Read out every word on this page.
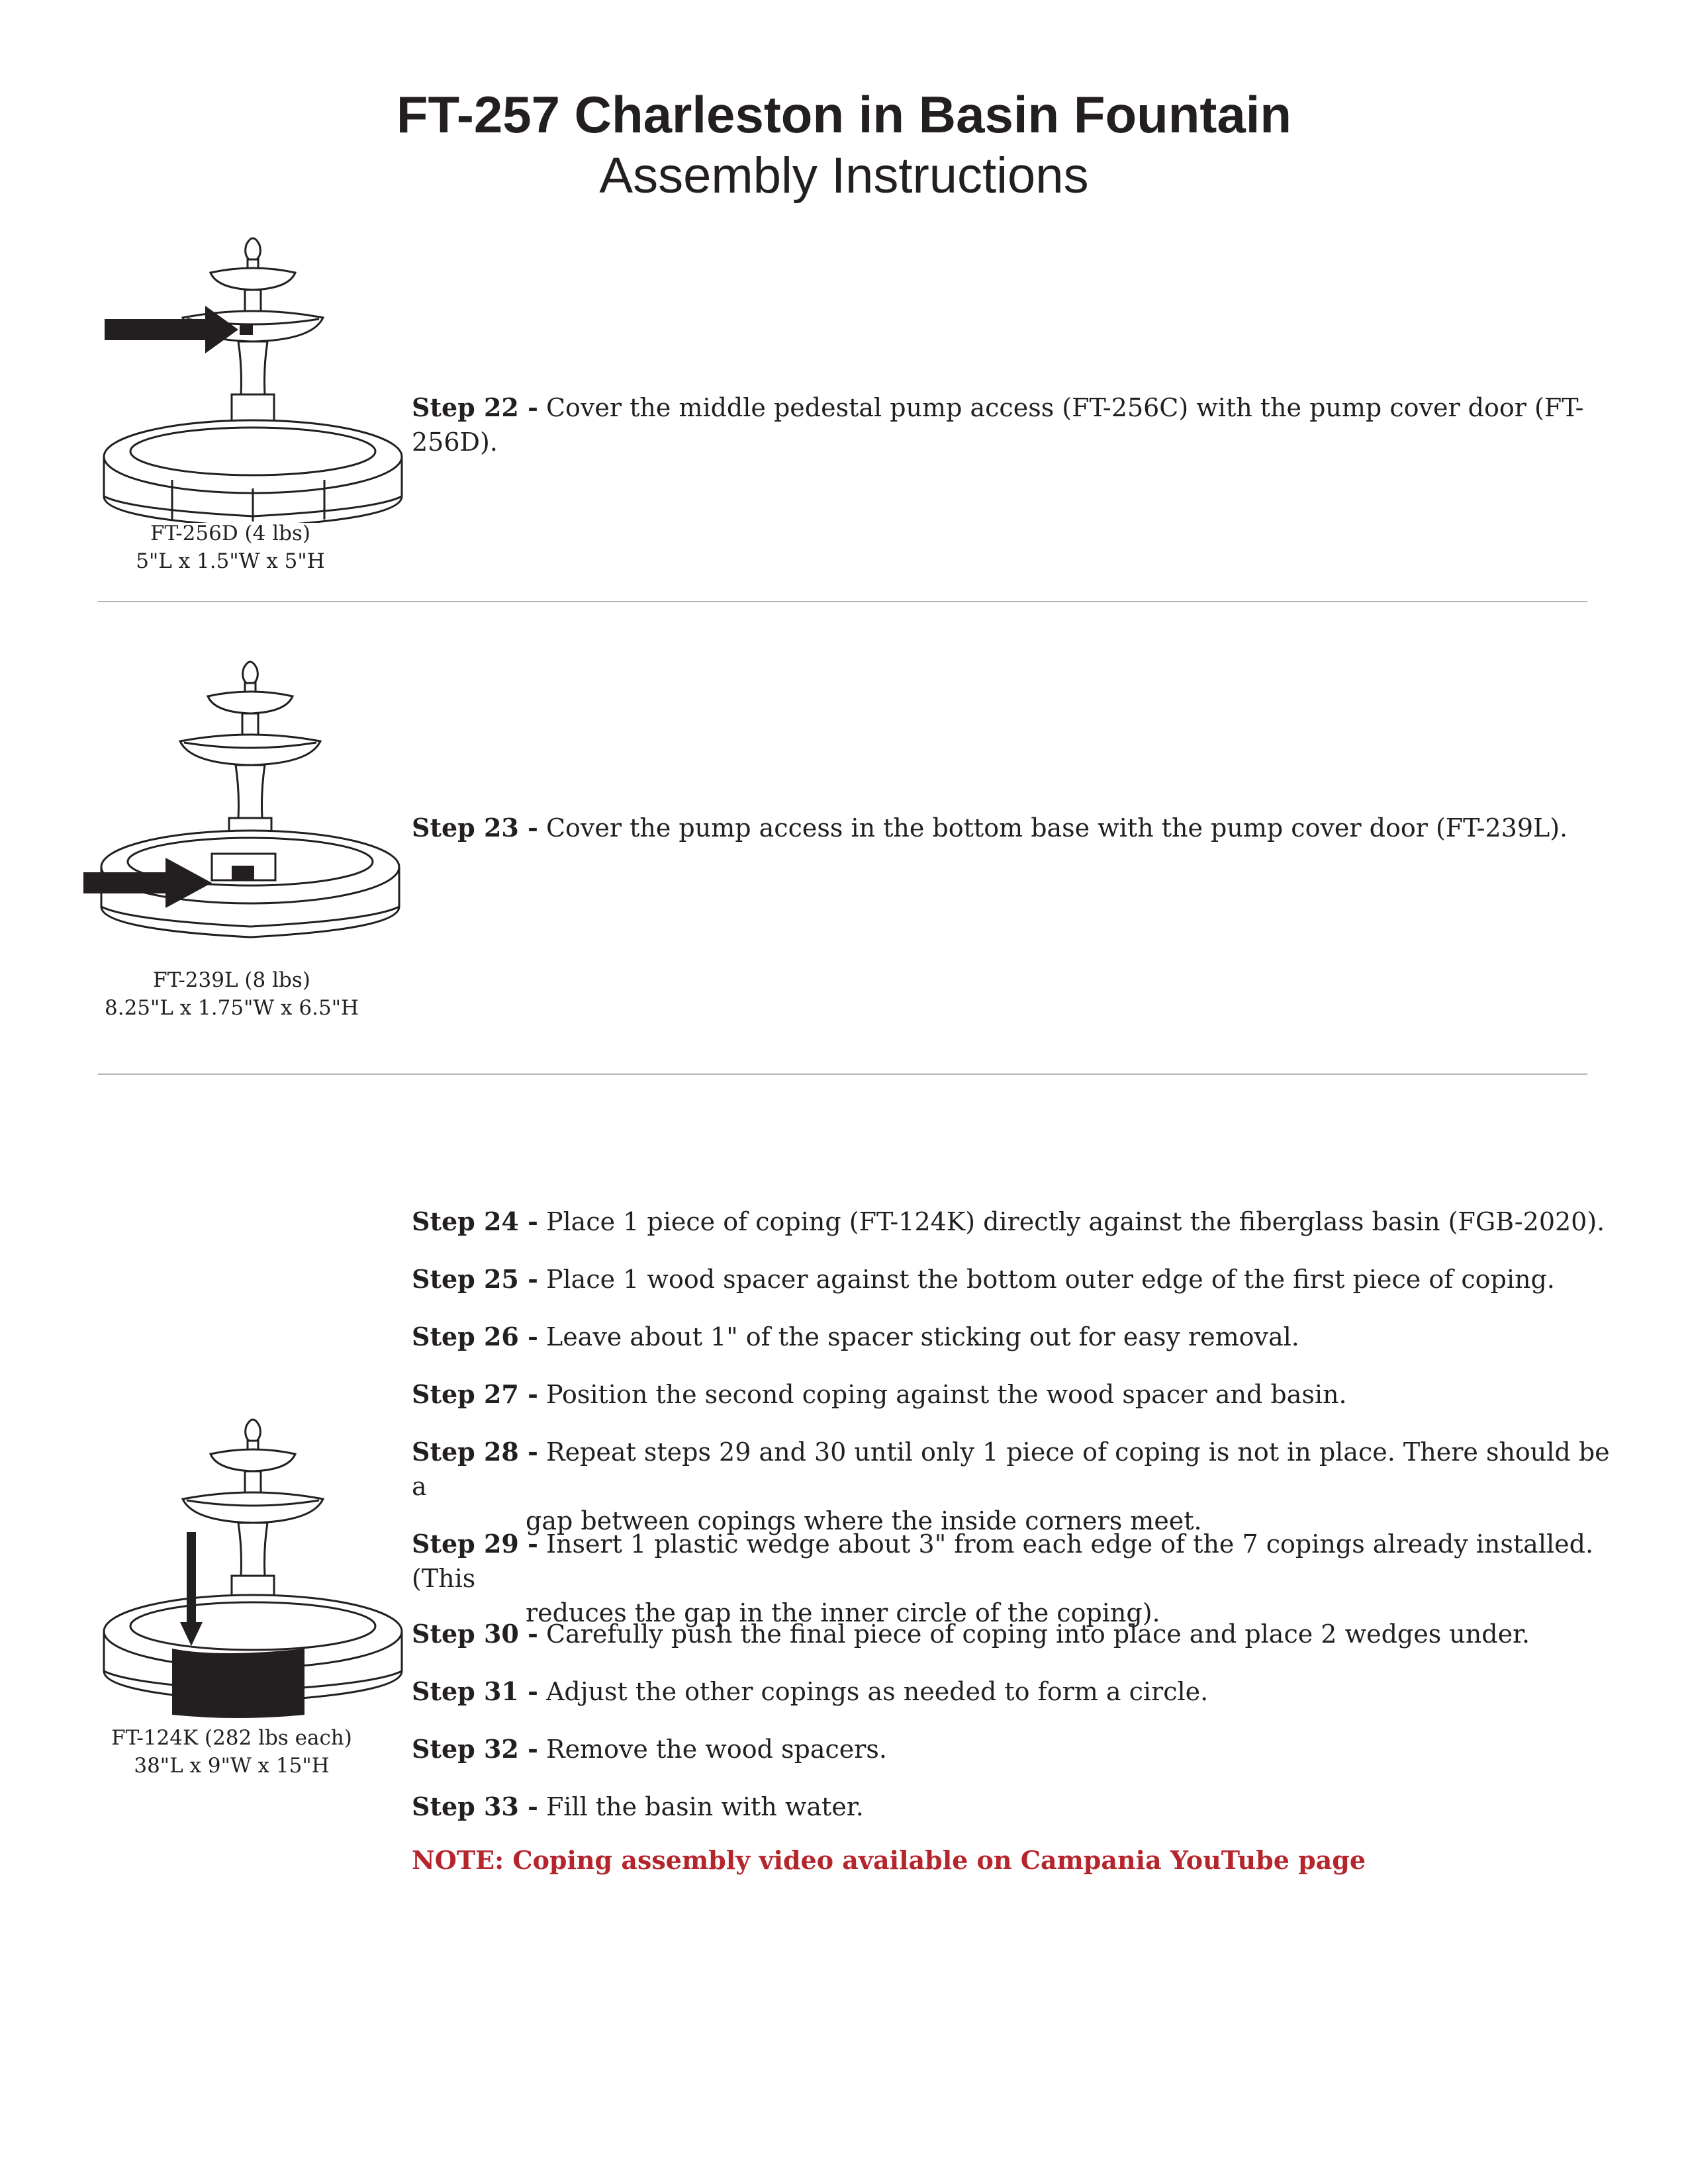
FT-257 Charleston in Basin Fountain
Assembly Instructions
FT-256D (4 lbs)
5"L x 1.5"W x 5"H
Step 22 - Cover the middle pedestal pump access (FT-256C) with the pump cover door (FT-256D).
FT-239L (8 lbs)
8.25"L x 1.75"W x 6.5"H
Step 23 - Cover the pump access in the bottom base with the pump cover door (FT-239L).
FT-124K (282 lbs each)
38"L x 9"W x 15"H
Step 24 - Place 1 piece of coping (FT-124K) directly against the fiberglass basin (FGB-2020).
Step 25 - Place 1 wood spacer against the bottom outer edge of the first piece of coping.
Step 26 - Leave about 1" of the spacer sticking out for easy removal.
Step 27 - Position the second coping against the wood spacer and basin.
Step 28 - Repeat steps 29 and 30 until only 1 piece of coping is not in place. There should be a
gap between copings where the inside corners meet.
Step 29 - Insert 1 plastic wedge about 3" from each edge of the 7 copings already installed. (This
reduces the gap in the inner circle of the coping).
Step 30 - Carefully push the final piece of coping into place and place 2 wedges under.
Step 31 - Adjust the other copings as needed to form a circle.
Step 32 - Remove the wood spacers.
Step 33 - Fill the basin with water.
NOTE: Coping assembly video available on Campania YouTube page
